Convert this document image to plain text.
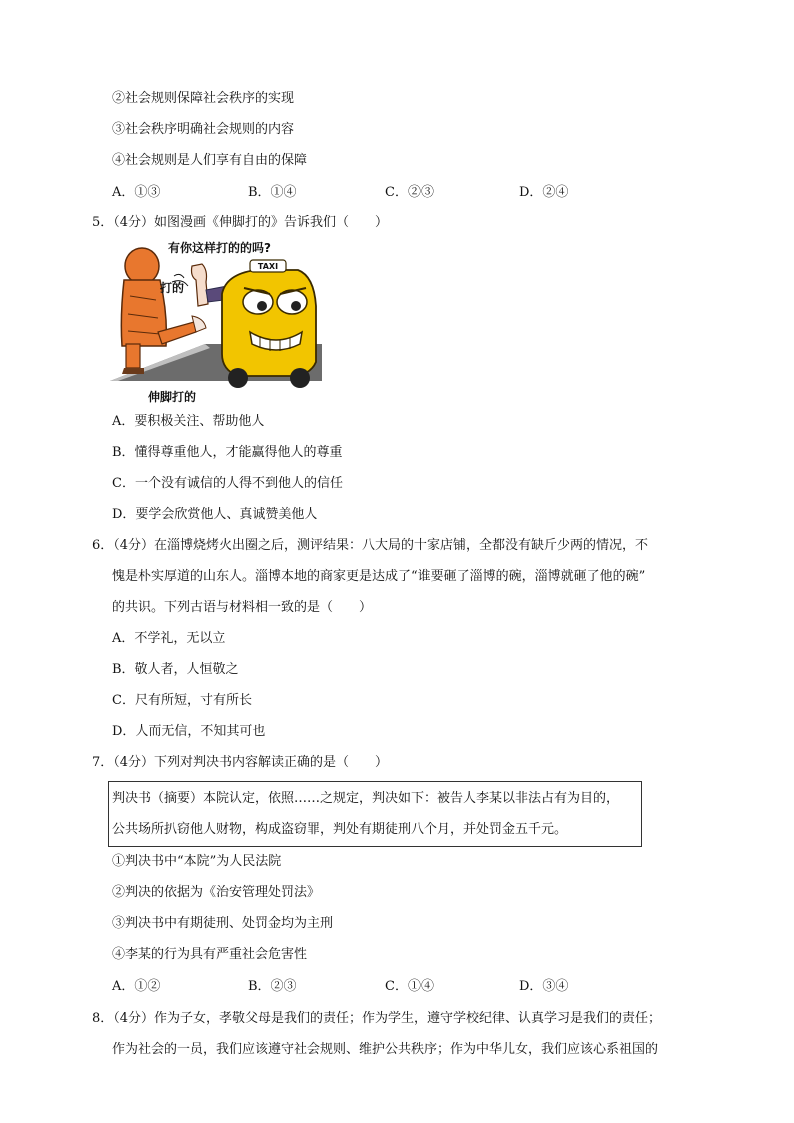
②社会规则保障社会秩序的实现
③社会秩序明确社会规则的内容
④社会规则是人们享有自由的保障
A．①③	B．①④	C．②③	D．②④
5．（4分）如图漫画《伸脚打的》告诉我们（　　）
TAXI
有你这样打的的吗?
打的
伸脚打的
A．要积极关注、帮助他人
B．懂得尊重他人，才能赢得他人的尊重
C．一个没有诚信的人得不到他人的信任
D．要学会欣赏他人、真诚赞美他人
6．（4分）在淄博烧烤火出圈之后，测评结果：八大局的十家店铺，全都没有缺斤少两的情况，不
愧是朴实厚道的山东人。淄博本地的商家更是达成了“谁要砸了淄博的碗，淄博就砸了他的碗”
的共识。下列古语与材料相一致的是（　　）
A．不学礼，无以立
B．敬人者，人恒敬之
C．尺有所短，寸有所长
D．人而无信，不知其可也
7．（4分）下列对判决书内容解读正确的是（　　）
判决书（摘要）本院认定，依照……之规定，判决如下：被告人李某以非法占有为目的，
公共场所扒窃他人财物，构成盗窃罪，判处有期徒刑八个月，并处罚金五千元。
①判决书中“本院”为人民法院
②判决的依据为《治安管理处罚法》
③判决书中有期徒刑、处罚金均为主刑
④李某的行为具有严重社会危害性
A．①②	B．②③	C．①④	D．③④
8．（4分）作为子女，孝敬父母是我们的责任；作为学生，遵守学校纪律、认真学习是我们的责任；
作为社会的一员，我们应该遵守社会规则、维护公共秩序；作为中华儿女，我们应该心系祖国的
